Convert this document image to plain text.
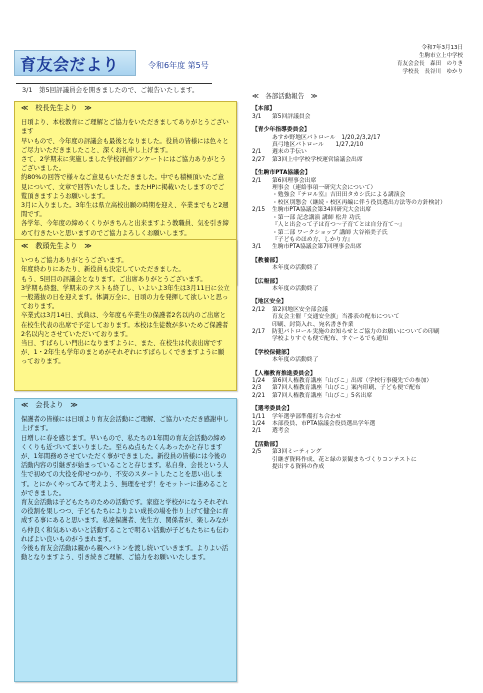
育友会だより	令和6年度 第5号
令和7年3月13日
生駒市立上中学校
育友会会長　森田　のりき
学校長　長谷川　ゆかり
3/1　第5回評議員会を開きましたので、ご報告いたします。
≪　校長先生より　≫

日頃より、本校教育にご理解とご協力をいただきましてありがとうございます

早いもので、今年度の評議会も最後となりました。役員の皆様には色々とご尽力いただきましたこと、深くお礼申し上げます。

さて、2学期末に実施しました学校評価アンケートにはご協力ありがとうございました。

約80%の回答で様々なご意見もいただきました。中でも積極頂いたご意見について、文章で回答いたしました。またHPに掲載いたしますのでご覧頂きますようお願いします。

3月に入りました。3年生は県立高校出願の時期を迎え、卒業までもと2週間です。

各学年、今年度の締めくくりがきちんと出来ますよう教職員、気を引き締めて行きたいと思いますのでご協力よろしくお願いします。

≪　教頭先生より　≫

いつもご協力ありがとうございます。

年度終わりにあたり、新役員も決定していただきました。

もう、5回目の評議会となります。ご出席ありがとうございます。

3学期も終盤、学期末のテストも終了し、いよいよ3年生は3月11日に公立一般選抜の日を迎えます。体調万全に、日頃の力を発揮して欲しいと思っております。

卒業式は3月14日、式典は、今年度も卒業生の保護者2名以内のご出席と在校生代表の出席で予定しております。本校は生徒数が多いためご保護者2名以内とさせていただいております。

当日、すばらしい門出になりますように、また、在校生は代表出席ですが、1・2年生も学年のまとめがそれぞれにすばらしくできますように願っております。

≪　会長より　≫

保護者の皆様には日頃より育友会活動にご理解、ご協力いただき感謝申し上げます。

日増しに春を感じます。早いもので、私たちの1年間の育友会活動の締めくくりも近づいてまいりました。至らぬ点もたくんあったかと存じますが、1年間務めさせていただく事ができました。新役員の皆様には今後の活動内容の引継ぎが始まっていることと存じます。私自身、会長という人生で初めての大役を仰せつかり、不安のスタートしたことを思い出します。とにかくやってみて考えよう、無理をせず！をモットーに進めることができました。

育友会活動は子どもたちのための活動です。家庭と学校がになうそれぞれの役割を果しつつ、子どもたちによりよい成長の場を作り上げて健全に育成する事にあると思います。私達保護者、先生方、関係者が、楽しみながら仲良く和気あいあいと活動することで明るい活動が子どもたちにも伝わればよい良いものがうまれます。

今後も育友会活動は親から親へバトンを渡し続いていきます。よりよい活動となりますよう、引き続きご理解、ご協力をお願いいたします。

≪　各部活動報告　≫
【本部】
3/1	第5回評議員会
【青少年指導委員会】
あすか野地区パトロール　1/20,2/3,2/17
真弓地区パトロール　　1/27,2/10
2/1	週末の手伝い
2/27	第3回上中学校学校運営協議会出席
【生駒市PTA協議会】
2/1	第6回理事会出席
理事会（連絡事項一研究大会について）
・勉強会『テロル室』吉田田タカシ氏による講演会
・校区別懇会（継続・校区再編に伴う役員選出方法等の方針検討）
2/15	生駒市PTA協議会第34回研究大会出席
・第一部 記念講演 講師 松井 功氏
『人と出会って子は育つ〜子育てとは自分育て〜』
・第二部 ワークショップ 講師 大谷裕美子氏
『子どものほめ方、しかり方』
3/1	生駒市PTA協議会第7回理事会出席
【教養部】
本年度の活動終了
【広報部】
本年度の活動終了
【地区安全】
2/12	第2回地区安全部会議
育友会主催「交通安全旗」当番表の配布について
印刷、封筒入れ、宛名書き作業
2/17	防犯パトロール実施のお知らせとご協力のお願いについての印刷
学校よりすぐも便で配布、すぐーるでも通知
【学校保健部】
本年度の活動終了
【人権教育推進委員会】
1/24	第6回人権教育講座「山びこ」出席（学校行事優先での参加）
2/3	第7回人権教育講座「山びこ」案内印刷、子ども便で配布
2/21	第7回人権教育講座「山びこ」5名出席
【選考委員会】
1/11	学年選挙部準備打ち合わせ
1/24	本部役員、市PTA協議会役員選出学年選
2/1	選考会
【活動部】
2/5	第3回ミーティング
引継ぎ資料作成、花と緑の景観まちづくりコンテストに
提出する資料の作成
